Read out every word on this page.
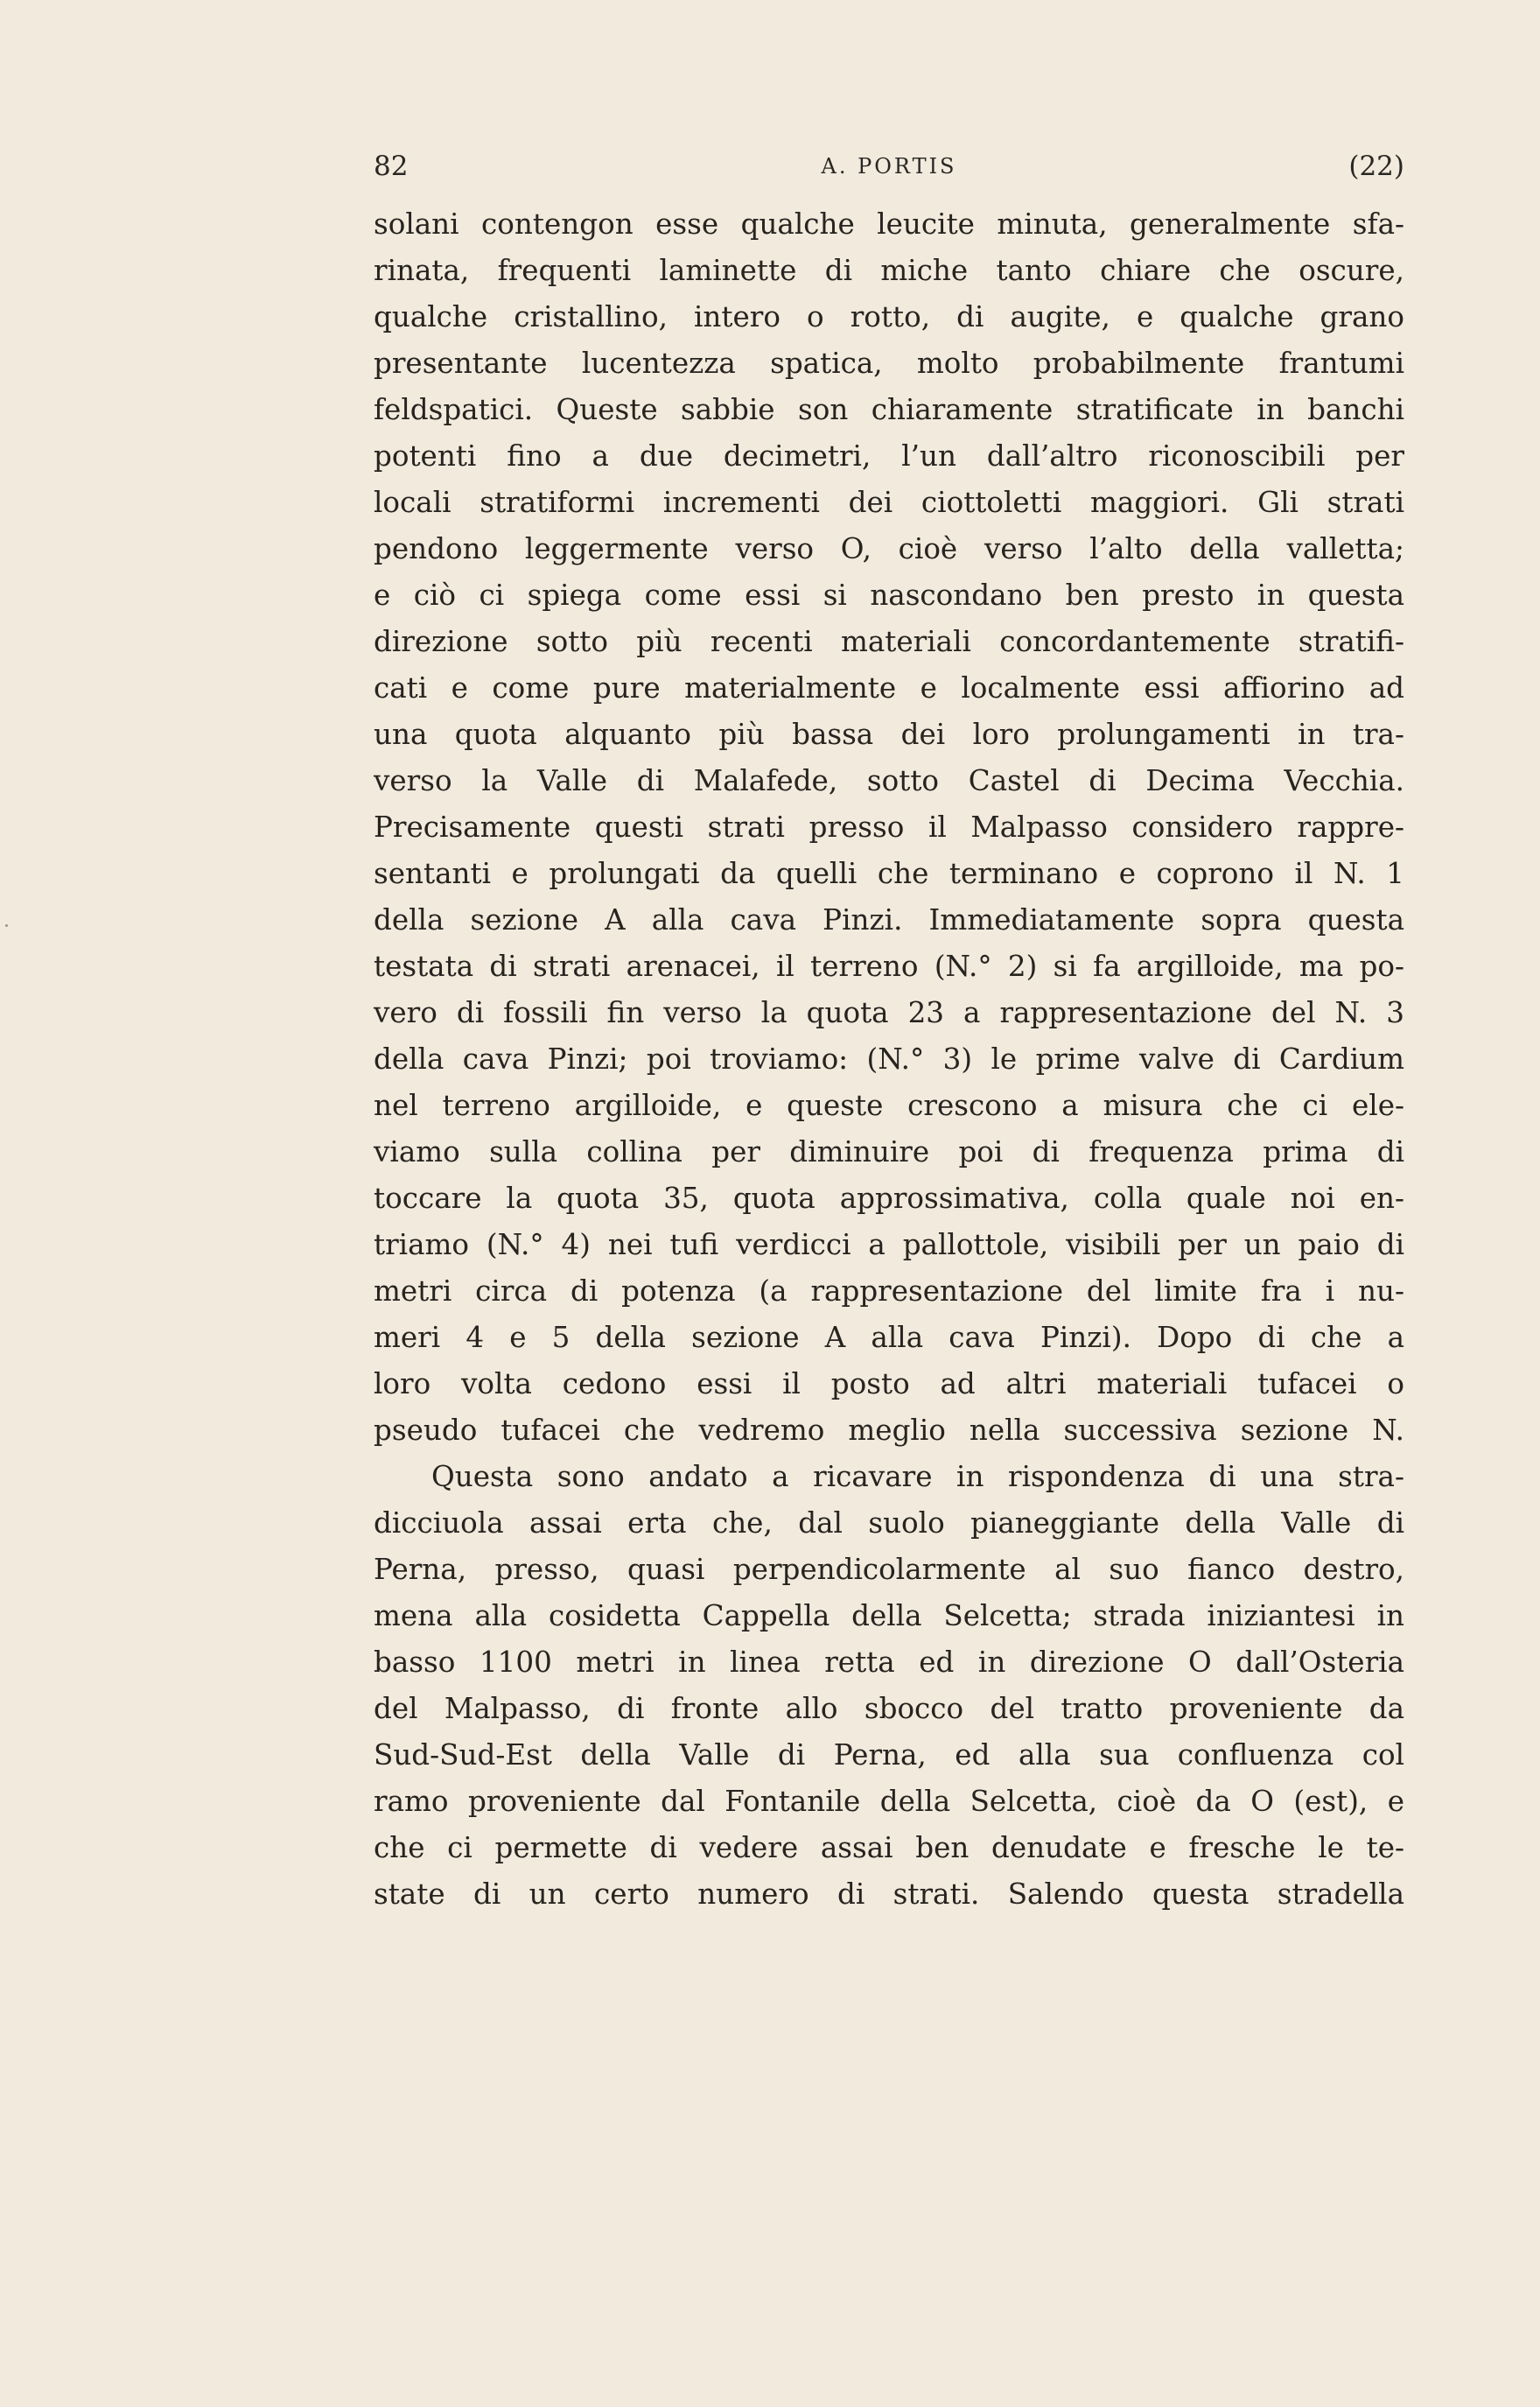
82	A. PORTIS	(22)
solani contengon esse qualche leucite minuta, generalmente sfa-
rinata, frequenti laminette di miche tanto chiare che oscure,
qualche cristallino, intero o rotto, di augite, e qualche grano
presentante lucentezza spatica, molto probabilmente frantumi
feldspatici. Queste sabbie son chiaramente stratificate in banchi
potenti fino a due decimetri, l’un dall’altro riconoscibili per
locali stratiformi incrementi dei ciottoletti maggiori. Gli strati
pendono leggermente verso O, cioè verso l’alto della valletta;
e ciò ci spiega come essi si nascondano ben presto in questa
direzione sotto più recenti materiali concordantemente stratifi-
cati e come pure materialmente e localmente essi affiorino ad
una quota alquanto più bassa dei loro prolungamenti in tra-
verso la Valle di Malafede, sotto Castel di Decima Vecchia.
Precisamente questi strati presso il Malpasso considero rappre-
sentanti e prolungati da quelli che terminano e coprono il N. 1
della sezione A alla cava Pinzi. Immediatamente sopra questa
testata di strati arenacei, il terreno (N.° 2) si fa argilloide, ma po-
vero di fossili fin verso la quota 23 a rappresentazione del N. 3
della cava Pinzi; poi troviamo: (N.° 3) le prime valve di Cardium
nel terreno argilloide, e queste crescono a misura che ci ele-
viamo sulla collina per diminuire poi di frequenza prima di
toccare la quota 35, quota approssimativa, colla quale noi en-
triamo (N.° 4) nei tufi verdicci a pallottole, visibili per un paio di
metri circa di potenza (a rappresentazione del limite fra i nu-
meri 4 e 5 della sezione A alla cava Pinzi). Dopo di che a
loro volta cedono essi il posto ad altri materiali tufacei o
pseudo tufacei che vedremo meglio nella successiva sezione N.
Questa sono andato a ricavare in rispondenza di una stra-
dicciuola assai erta che, dal suolo pianeggiante della Valle di
Perna, presso, quasi perpendicolarmente al suo fianco destro,
mena alla cosidetta Cappella della Selcetta; strada iniziantesi in
basso 1100 metri in linea retta ed in direzione O dall’Osteria
del Malpasso, di fronte allo sbocco del tratto proveniente da
Sud-Sud-Est della Valle di Perna, ed alla sua confluenza col
ramo proveniente dal Fontanile della Selcetta, cioè da O (est), e
che ci permette di vedere assai ben denudate e fresche le te-
state di un certo numero di strati. Salendo questa stradella
